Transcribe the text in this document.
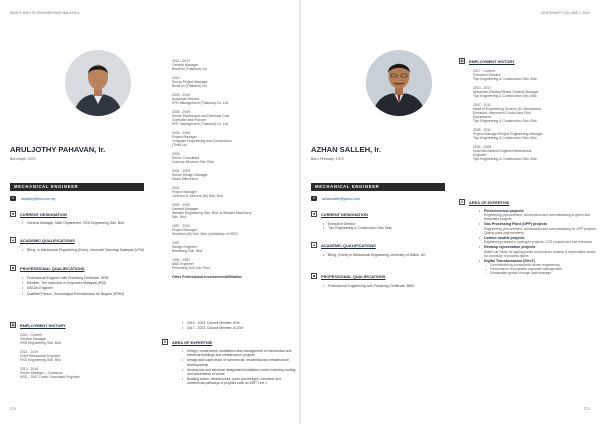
WHO'S WHO IN ENGINEERING MALAYSIA
ARULJOTHY PAHAVAN, Ir.
Born April, 1970
MECHANICAL ENGINEER
✉	aruljothy@hss.com.my
■	CURRENT DESIGNATION
• General Manager, M&E Department, HSS Engineering Sdn. Bhd.
▲	ACADEMIC QUALIFICATIONS
• BEng. in Mechanical Engineering (Hons), Universiti Teknologi Malaysia (UTM)
◆	PROFESSIONAL QUALIFICATIONS
• Professional Engineer with Practicing Certificate, BEM
• Member, The Institution of Engineers Malaysia (IEM)
• ASEAN Engineer
• Qualified Person, Suruhanjaya Perkhidmatan Air Negara (SPAN)
▦	EMPLOYMENT HISTORY
2019 - Current
General Manager
HSS Engineering Sdn. Bhd.
2014 - 2019
Chief Mechanical Engineer
HSS Engineering Sdn. Bhd.
2013 - 2014
Senior Manager – Contracts
HSS – SMC Leslie Consultant Engineer
2011 - 2013
General Manager
BinaFon (Thailand) Ltd.
2010
Senior Project Manager
BinaFon (Thailand) Ltd.
2009 - 2010
Associate Director
KPK Management (Thailand) Co. Ltd.
2006 - 2009
Senior Mechanical and Electrical Cost
Controller and Planner
KPK Management (Thailand) Co. Ltd.
2004 - 2006
Project Manager
Yongnam Engineering and Construction
(Thai) Ltd.
2003
Senior Consultant
Comsup Services Sdn. Bhd.
2002 - 2003
Senior Design Manager
Maxis Millennium
2002
Project Manager
Johnson & Johnson (M) Sdn. Bhd.
2000 - 2002
General Manager
Wessex Engineering Sdn. Bhd. & Wessex Machinery
Sdn. Bhd.
1997 - 2000
Project Manager
Sheddon (M) Sdn. Bhd. (subsidiary of HSS)
1997
Design Engineer
Benaflong Sdn. Bhd.
1994 - 1997
M&E Engineer
Perunding Yulli Sdn. Bhd.
Other Professional Involvement/Affiliation
• 2019 - 2023: Council Member, IEM
• 2017 - 2023: Council Member, ACEM
⚙	AREA OF EXPERTISE
• Design, construction, installation and management of mechanical and electrical buildings and infrastructure projects
• Design and supervision of commercial, residential and infrastructure developments
• Mechanical and electrical designated installation works including cooling and placements of works
• Building works, infrastructure, ports and bridges, contracts and commercial pathways of projects such as MRT Line 1
270
CENTENARY VOLUME 1 2024
AZHAN SALLEH, Ir.
Born February, 1970
MECHANICAL ENGINEER
✉	azhansalleh@yahoo.com
■	CURRENT DESIGNATION
• Executive Director
• Tiyo Engineering & Construction Sdn. Bhd.
▲	ACADEMIC QUALIFICATIONS
• BEng. (Hons) in Mechanical Engineering University of Wales, UK
◆	PROFESSIONAL QUALIFICATIONS
• Professional Engineering with Practicing Certificate, BEM
▦	EMPLOYMENT HISTORY
2017 - Current
Executive Director
Tiyo Engineering & Construction Sdn. Bhd.
2013 - 2017
Associate Director/Senior General Manager
Tiyo Engineering & Construction Sdn. Bhd.
2007 - 2011
Head of Engineering Division (M: Mechanical,
Electrical, Instrument Control and Civil
Department
Tiyo Engineering & Construction Sdn. Bhd.
2005 - 2011
Project Manager/Project Engineering Manager
Tiyo Engineering & Construction Sdn. Bhd.
2002 - 2005
Lead Mechanical Engineer/Mechanical
Engineer
Tiyo Engineering & Construction Sdn. Bhd.
⚙	AREA OF EXPERTISE
• Petrochemical projects
Engineering, procurement, construction and commissioning to green and brownfield projects
• Gas Processing Plant (GPP) projects
Engineering, procurement, construction and commissioning for GPP projects. Quality plant improvements
• Carbon neutral projects
Engineering related to hydrogen projects, CCS projects and fuel reference
• Revamp rejuvenation projects
Asset Life Study for ageing plants and projects revamp & rejuvenation works for continuity of process plants
• Digital Transformation (DXoT)
– Commissioning-construction driven engineering
– Performance of projected corporate management
– Sustainable growth through data leverage
271
